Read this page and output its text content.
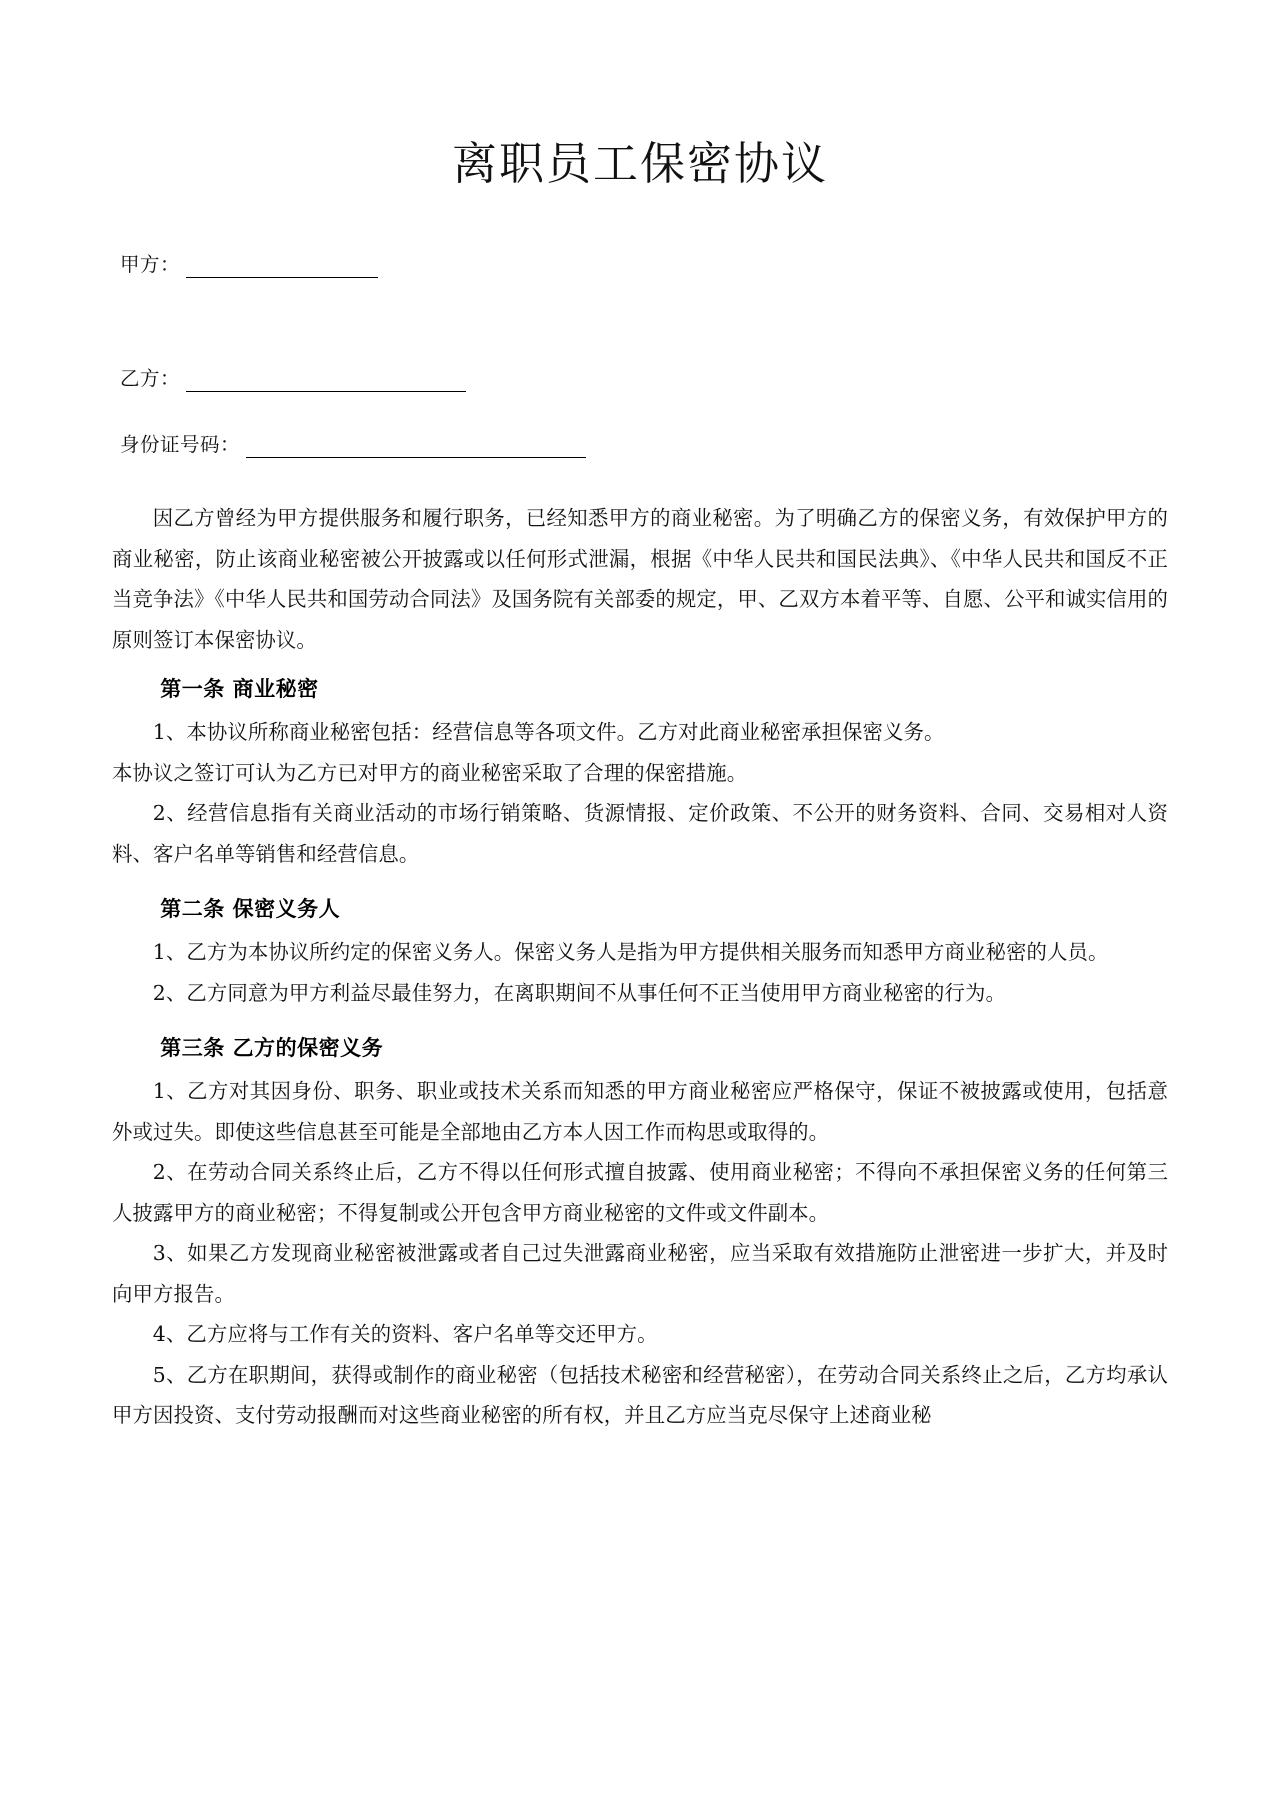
离职员工保密协议
甲方：
乙方：
身份证号码：

因乙方曾经为甲方提供服务和履行职务，已经知悉甲方的商业秘密。为了明确乙方的保密义务，有效保护甲方的商业秘密，防止该商业秘密被公开披露或以任何形式泄漏，根据《中华人民共和国民法典》、《中华人民共和国反不正当竞争法》《中华人民共和国劳动合同法》及国务院有关部委的规定，甲、乙双方本着平等、自愿、公平和诚实信用的原则签订本保密协议。

第一条 商业秘密

1、本协议所称商业秘密包括：经营信息等各项文件。乙方对此商业秘密承担保密义务。

本协议之签订可认为乙方已对甲方的商业秘密采取了合理的保密措施。

2、经营信息指有关商业活动的市场行销策略、货源情报、定价政策、不公开的财务资料、合同、交易相对人资料、客户名单等销售和经营信息。

第二条 保密义务人

1、乙方为本协议所约定的保密义务人。保密义务人是指为甲方提供相关服务而知悉甲方商业秘密的人员。

2、乙方同意为甲方利益尽最佳努力，在离职期间不从事任何不正当使用甲方商业秘密的行为。

第三条 乙方的保密义务

1、乙方对其因身份、职务、职业或技术关系而知悉的甲方商业秘密应严格保守，保证不被披露或使用，包括意外或过失。即使这些信息甚至可能是全部地由乙方本人因工作而构思或取得的。

2、在劳动合同关系终止后，乙方不得以任何形式擅自披露、使用商业秘密；不得向不承担保密义务的任何第三人披露甲方的商业秘密；不得复制或公开包含甲方商业秘密的文件或文件副本。

3、如果乙方发现商业秘密被泄露或者自己过失泄露商业秘密，应当采取有效措施防止泄密进一步扩大，并及时向甲方报告。

4、乙方应将与工作有关的资料、客户名单等交还甲方。

5、乙方在职期间，获得或制作的商业秘密（包括技术秘密和经营秘密），在劳动合同关系终止之后，乙方均承认甲方因投资、支付劳动报酬而对这些商业秘密的所有权，并且乙方应当克尽保守上述商业秘
